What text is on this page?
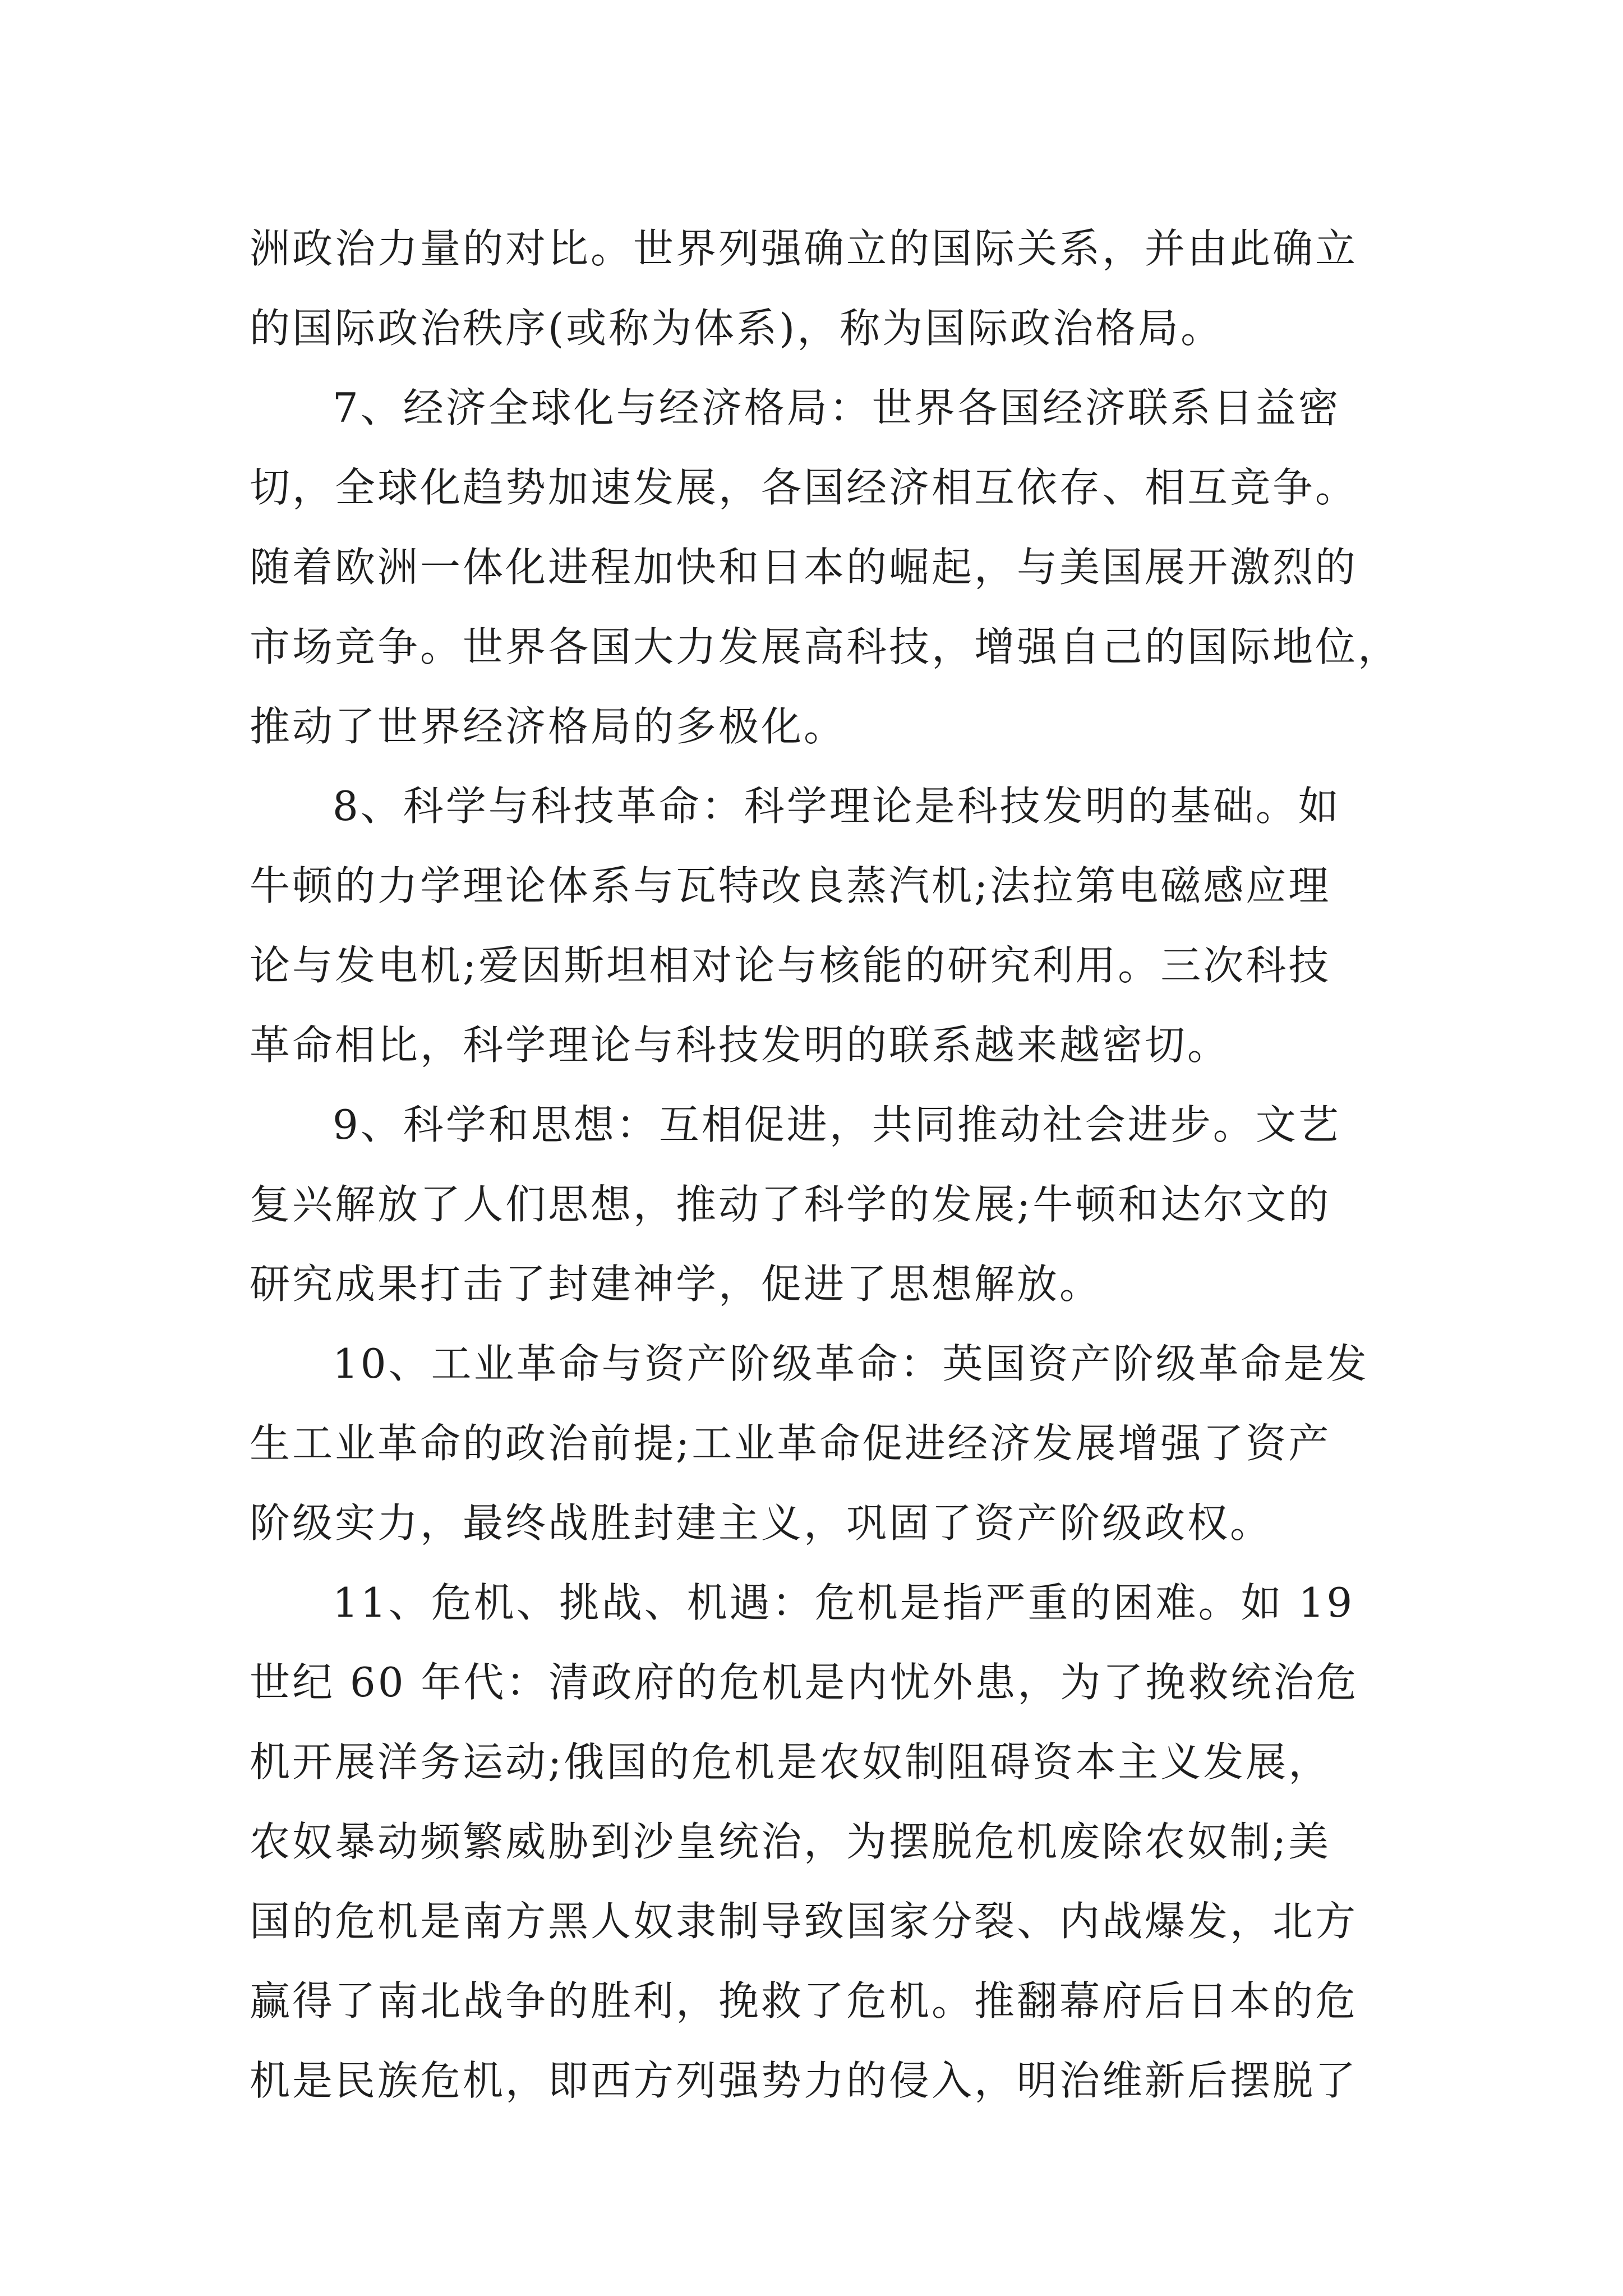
洲政治力量的对比。世界列强确立的国际关系，并由此确立
的国际政治秩序(或称为体系)，称为国际政治格局。
7、经济全球化与经济格局：世界各国经济联系日益密
切，全球化趋势加速发展，各国经济相互依存、相互竞争。
随着欧洲一体化进程加快和日本的崛起，与美国展开激烈的
市场竞争。世界各国大力发展高科技，增强自己的国际地位，
推动了世界经济格局的多极化。
8、科学与科技革命：科学理论是科技发明的基础。如
牛顿的力学理论体系与瓦特改良蒸汽机;法拉第电磁感应理
论与发电机;爱因斯坦相对论与核能的研究利用。三次科技
革命相比，科学理论与科技发明的联系越来越密切。
9、科学和思想：互相促进，共同推动社会进步。文艺
复兴解放了人们思想，推动了科学的发展;牛顿和达尔文的
研究成果打击了封建神学，促进了思想解放。
10、工业革命与资产阶级革命：英国资产阶级革命是发
生工业革命的政治前提;工业革命促进经济发展增强了资产
阶级实力，最终战胜封建主义，巩固了资产阶级政权。
11、危机、挑战、机遇：危机是指严重的困难。如 19
世纪 60 年代：清政府的危机是内忧外患，为了挽救统治危
机开展洋务运动;俄国的危机是农奴制阻碍资本主义发展，
农奴暴动频繁威胁到沙皇统治，为摆脱危机废除农奴制;美
国的危机是南方黑人奴隶制导致国家分裂、内战爆发，北方
赢得了南北战争的胜利，挽救了危机。推翻幕府后日本的危
机是民族危机，即西方列强势力的侵入，明治维新后摆脱了
